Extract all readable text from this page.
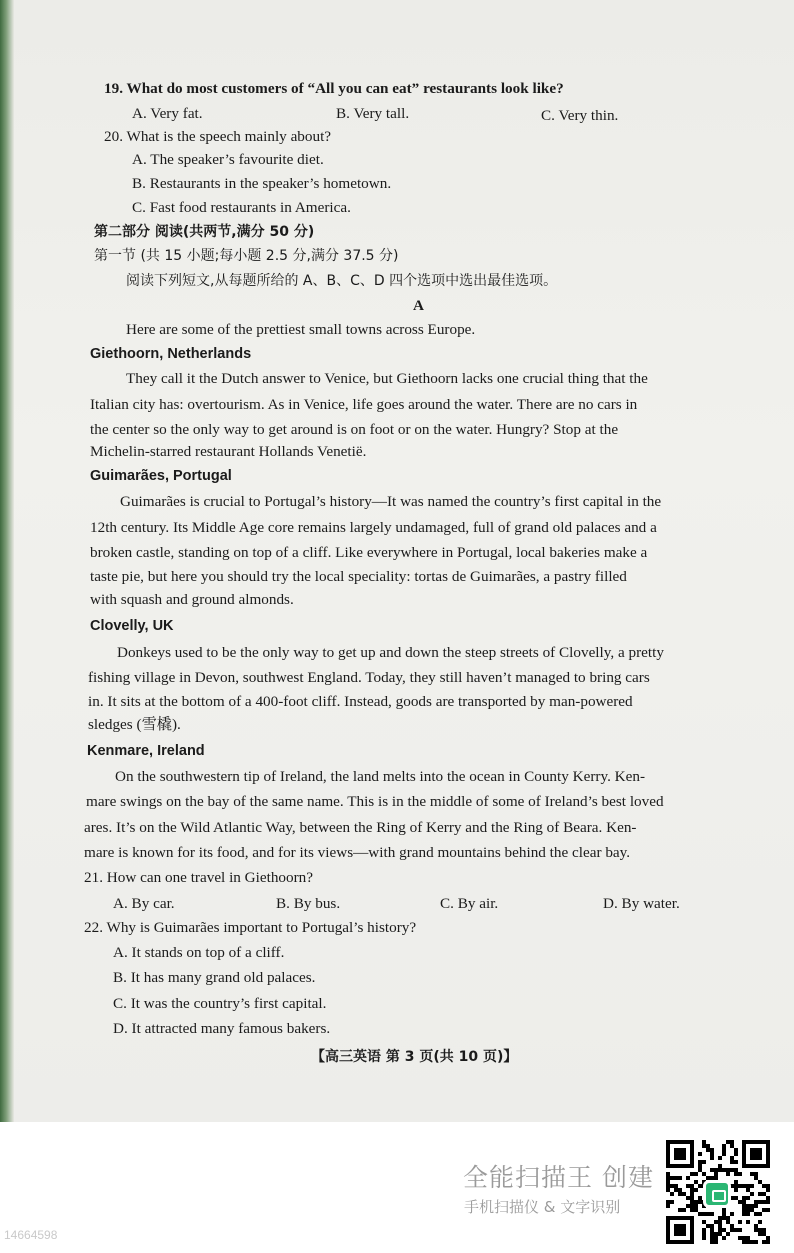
19. What do most customers of “All you can eat” restaurants look like?
A. Very fat.	B. Very tall.	C. Very thin.
20. What is the speech mainly about?
A. The speaker’s favourite diet.
B. Restaurants in the speaker’s hometown.
C. Fast food restaurants in America.
第二部分 阅读(共两节,满分 50 分)
第一节 (共 15 小题;每小题 2.5 分,满分 37.5 分)
阅读下列短文,从每题所给的 A、B、C、D 四个选项中选出最佳选项。
A
Here are some of the prettiest small towns across Europe.
Giethoorn, Netherlands
They call it the Dutch answer to Venice, but Giethoorn lacks one crucial thing that the
Italian city has: overtourism. As in Venice, life goes around the water. There are no cars in
the center so the only way to get around is on foot or on the water. Hungry? Stop at the
Michelin-starred restaurant Hollands Venetië.
Guimarães, Portugal
Guimarães is crucial to Portugal’s history—It was named the country’s first capital in the
12th century. Its Middle Age core remains largely undamaged, full of grand old palaces and a
broken castle, standing on top of a cliff. Like everywhere in Portugal, local bakeries make a
taste pie, but here you should try the local speciality: tortas de Guimarães, a pastry filled
with squash and ground almonds.
Clovelly, UK
Donkeys used to be the only way to get up and down the steep streets of Clovelly, a pretty
fishing village in Devon, southwest England. Today, they still haven’t managed to bring cars
in. It sits at the bottom of a 400-foot cliff. Instead, goods are transported by man-powered
sledges (雪橇).
Kenmare, Ireland
On the southwestern tip of Ireland, the land melts into the ocean in County Kerry. Ken-
mare swings on the bay of the same name. This is in the middle of some of Ireland’s best loved
ares. It’s on the Wild Atlantic Way, between the Ring of Kerry and the Ring of Beara. Ken-
mare is known for its food, and for its views—with grand mountains behind the clear bay.
21. How can one travel in Giethoorn?
A. By car.	B. By bus.	C. By air.	D. By water.
22. Why is Guimarães important to Portugal’s history?
A. It stands on top of a cliff.
B. It has many grand old palaces.
C. It was the country’s first capital.
D. It attracted many famous bakers.
【高三英语 第 3 页(共 10 页)】
全能扫描王 创建
手机扫描仪 & 文字识别
14664598
